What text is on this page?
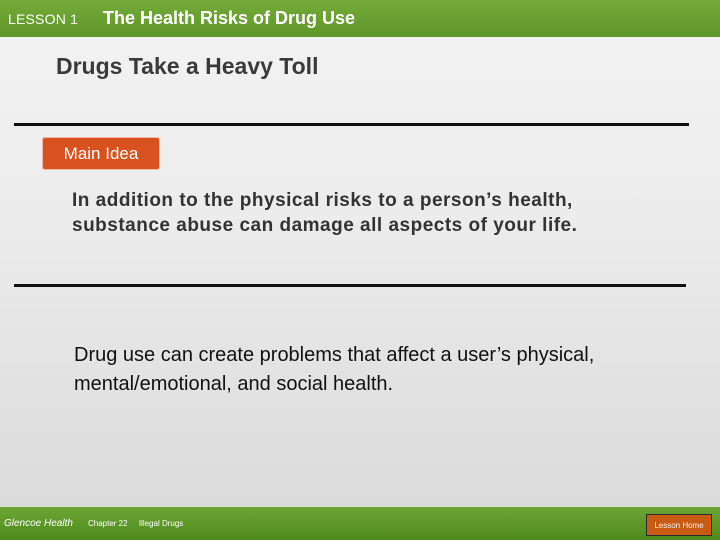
LESSON 1 The Health Risks of Drug Use
Drugs Take a Heavy Toll
Main Idea
In addition to the physical risks to a person’s health, substance abuse can damage all aspects of your life.
Drug use can create problems that affect a user’s physical, mental/emotional, and social health.
Glencoe Health Chapter 22 Illegal Drugs	Lesson Home
